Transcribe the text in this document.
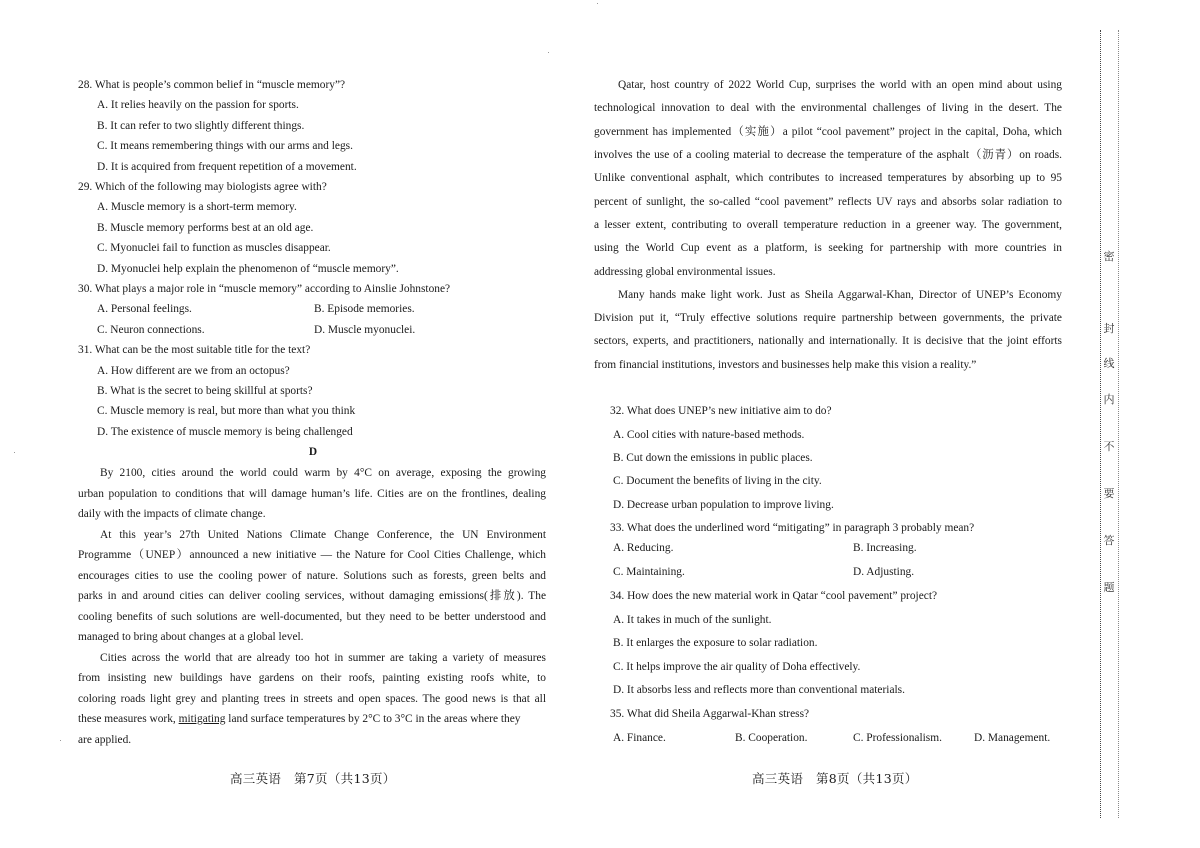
28. What is people’s common belief in “muscle memory”?
A. It relies heavily on the passion for sports.
B. It can refer to two slightly different things.
C. It means remembering things with our arms and legs.
D. It is acquired from frequent repetition of a movement.
29. Which of the following may biologists agree with?
A. Muscle memory is a short-term memory.
B. Muscle memory performs best at an old age.
C. Myonuclei fail to function as muscles disappear.
D. Myonuclei help explain the phenomenon of “muscle memory”.
30. What plays a major role in “muscle memory” according to Ainslie Johnstone?
A. Personal feelings.	B. Episode memories.
C. Neuron connections.	D. Muscle myonuclei.
31. What can be the most suitable title for the text?
A. How different are we from an octopus?
B. What is the secret to being skillful at sports?
C. Muscle memory is real, but more than what you think
D. The existence of muscle memory is being challenged
D
By 2100, cities around the world could warm by 4°C on average, exposing the growing
urban population to conditions that will damage human’s life. Cities are on the frontlines, dealing
daily with the impacts of climate change.
At this year’s 27th United Nations Climate Change Conference, the UN Environment
Programme（UNEP）announced a new initiative — the Nature for Cool Cities Challenge, which
encourages cities to use the cooling power of nature. Solutions such as forests, green belts and
parks in and around cities can deliver cooling services, without damaging emissions(排放). The
cooling benefits of such solutions are well-documented, but they need to be better understood and
managed to bring about changes at a global level.
Cities across the world that are already too hot in summer are taking a variety of measures
from insisting new buildings have gardens on their roofs, painting existing roofs white, to
coloring roads light grey and planting trees in streets and open spaces. The good news is that all
these measures work, mitigating land surface temperatures by 2°C to 3°C in the areas where they
are applied.
高三英语　第7页（共13页）
Qatar, host country of 2022 World Cup, surprises the world with an open mind about using
technological innovation to deal with the environmental challenges of living in the desert. The
government has implemented（实施）a pilot “cool pavement” project in the capital, Doha, which
involves the use of a cooling material to decrease the temperature of the asphalt（沥青）on roads.
Unlike conventional asphalt, which contributes to increased temperatures by absorbing up to 95
percent of sunlight, the so-called “cool pavement” reflects UV rays and absorbs solar radiation to
a lesser extent, contributing to overall temperature reduction in a greener way. The government,
using the World Cup event as a platform, is seeking for partnership with more countries in
addressing global environmental issues.
Many hands make light work. Just as Sheila Aggarwal-Khan, Director of UNEP’s Economy
Division put it, “Truly effective solutions require partnership between governments, the private
sectors, experts, and practitioners, nationally and internationally. It is decisive that the joint efforts
from financial institutions, investors and businesses help make this vision a reality.”
32. What does UNEP’s new initiative aim to do?
A. Cool cities with nature-based methods.
B. Cut down the emissions in public places.
C. Document the benefits of living in the city.
D. Decrease urban population to improve living.
33. What does the underlined word “mitigating” in paragraph 3 probably mean?
A. Reducing.	B. Increasing.
C. Maintaining.	D. Adjusting.
34. How does the new material work in Qatar “cool pavement” project?
A. It takes in much of the sunlight.
B. It enlarges the exposure to solar radiation.
C. It helps improve the air quality of Doha effectively.
D. It absorbs less and reflects more than conventional materials.
35. What did Sheila Aggarwal-Khan stress?
A. Finance.	B. Cooperation.	C. Professionalism.	D. Management.
高三英语　第8页（共13页）
密
封
线
内
不
要
答
题
